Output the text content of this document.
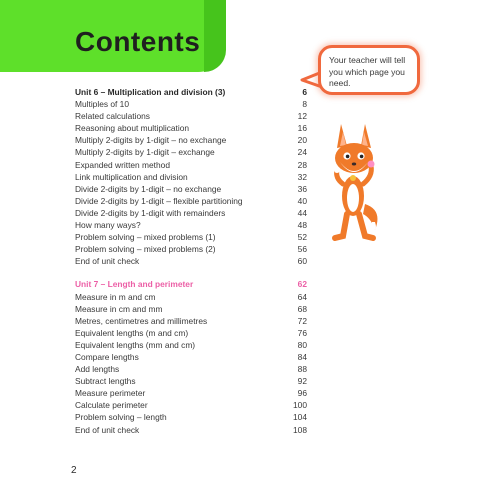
Contents
Unit 6 – Multiplication and division (3)	6
Multiples of 10	8
Related calculations	12
Reasoning about multiplication	16
Multiply 2-digits by 1-digit – no exchange	20
Multiply 2-digits by 1-digit – exchange	24
Expanded written method	28
Link multiplication and division	32
Divide 2-digits by 1-digit – no exchange	36
Divide 2-digits by 1-digit – flexible partitioning	40
Divide 2-digits by 1-digit with remainders	44
How many ways?	48
Problem solving – mixed problems (1)	52
Problem solving – mixed problems (2)	56
End of unit check	60
Unit 7 – Length and perimeter	62
Measure in m and cm	64
Measure in cm and mm	68
Metres, centimetres and millimetres	72
Equivalent lengths (m and cm)	76
Equivalent lengths (mm and cm)	80
Compare lengths	84
Add lengths	88
Subtract lengths	92
Measure perimeter	96
Calculate perimeter	100
Problem solving – length	104
End of unit check	108
Your teacher will tell you which page you need.
2
